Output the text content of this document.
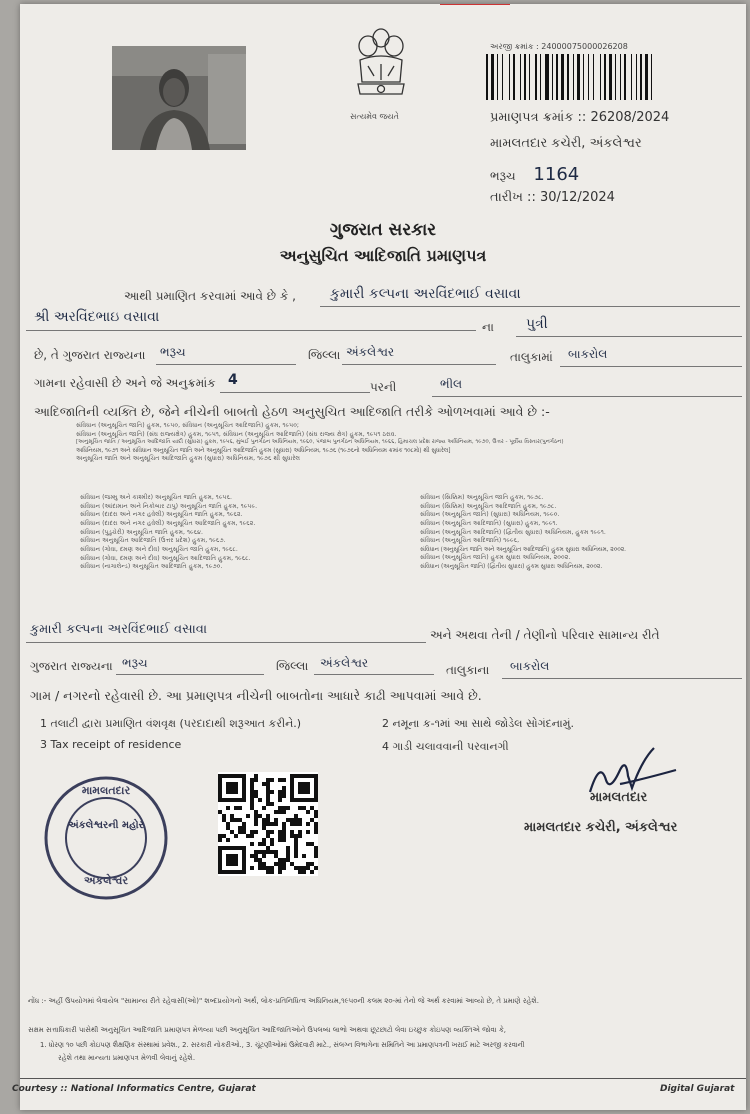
સત્યમેવ જયતે
અરજી ક્રમાંક : 24000075000026208
પ્રમાણપત્ર ક્રમાંક :: 26208/2024
મામલતદાર કચેરી, અંકલેશ્વર
ભરૂચ 1164
તારીખ :: 30/12/2024
ગુજરાત સરકાર
અનુસુચિત આદિજાતિ પ્રમાણપત્ર
આથી પ્રમાણિત કરવામાં આવે છે કે , કુમારી કલ્પના અરવિંદભાઈ વસાવા
શ્રી અરવિંદભાઇ વસાવા
ના પુત્રી
છે, તે ગુજરાત રાજ્યના ભરૂચ	જિલ્લા અંકલેશ્વર	તાલુકામાં બાકરોલ
ગામના રહેવાસી છે અને જે અનુક્રમાંક 4	પરની	ભીલ
આદિજાતિની વ્યક્તિ છે, જેને નીચેની બાબતો હેઠળ અનુસુચિત આદિજાતિ તરીકે ઓળખવામાં આવે છે :-
સંવિધાન (અનુસૂચિત જાતિ) હુકમ, ૧૯૫૦, સંવિધાન (અનુસૂચિત આદિજાતિ) હુકમ, ૧૯૫૦;
સંવિધાન (અનુસૂચિત જાતિ) (સંઘ રાજ્યક્ષેત્ર) હુકમ, ૧૯૫૧, સંવિધાન (અનુસૂચિત આદિજાતિ) (સંઘ રાજ્ય ક્ષેત્ર) હુકમ, ૧૯૫૧ ઠરાવ.
[અનુસૂચિત જાતિ / અનુસૂચિત આદિજાતિ યાદી (સુધારા) હુકમ, ૧૯૫૬, મુંબઈ પુનર્ગઠન અધિનિયમ, ૧૯૬૦, પંજાબ પુનર્ગઠન અધિનિયમ, ૧૯૬૬, હિમાચલ પ્રદેશ રાજ્ય અધિનિયમ, ૧૯૭૦, ઉત્તર - પૂર્વીય વિસ્તાર(પુનર્ગઠન)
અધિનિયમ, ૧૯૭૧ અને સંવિધાન અનુસૂચિત જાતિ અને અનુસૂચિત આદિજાતિ હુકમ (સુધારા) અધિનિયમ, ૧૯૭૬ (૧૯૭૬નો અધિનિયમ ક્રમાંક ૧૦૮મો) થી સુધારેલ]
અનુસૂચિત જાતિ અને અનુસૂચિત આદિજાતિ હુકમ (સુધારા) અધિનિયમ, ૧૯૭૬ થી સુધારેલ
સંવિધાન (જમ્મુ અને કાશ્મીર) અનુસૂચિત જાતિ હુકમ, ૧૯૫૬.
સંવિધાન (આંદામાન અને નિકોબાર ટાપુ) અનુસૂચિત જાતિ હુકમ, ૧૯૫૯.
સંવિધાન (દાદરા અને નગર હવેલી) અનુસૂચિત જાતિ હુકમ, ૧૯૬૨.
સંવિધાન (દાદરા અને નગર હવેલી) અનુસૂચિત આદિજાતિ હુકમ, ૧૯૬૨.
સંવિધાન (પુડુચેરી) અનુસૂચિત જાતિ હુકમ, ૧૯૬૪.
સંવિધાન અનુસૂચિત આદિજાતિ (ઉત્તર પ્રદેશ) હુકમ, ૧૯૬૭.
સંવિધાન (ગોવા, દમણ અને દીવ) અનુસૂચિત જાતિ હુકમ, ૧૯૬૮.
સંવિધાન (ગોવા, દમણ અને દીવ) અનુસૂચિત આદિજાતિ હુકમ, ૧૯૬૮.
સંવિધાન (નાગાલેન્ડ) અનુસૂચિત આદિજાતિ હુકમ, ૧૯૭૦.
સંવિધાન (સિક્કિમ) અનુસૂચિત જાતિ હુકમ, ૧૯૭૮.
સંવિધાન (સિક્કિમ) અનુસૂચિત આદિજાતિ હુકમ, ૧૯૭૮.
સંવિધાન (અનુસૂચિત જાતિ) (સુધારા) અધિનિયમ, ૧૯૯૦.
સંવિધાન (અનુસૂચિત આદિજાતિ) (સુધારા) હુકમ, ૧૯૯૧.
સંવિધાન (અનુસૂચિત આદિજાતિ) (દ્વિતીય સુધારા) અધિનિયમ, હુકમ ૧૯૯૧.
સંવિધાન (અનુસૂચિત આદિજાતિ) ૧૯૯૬,
સંવિધાન (અનુસૂચિત જાતિ અને અનુસૂચિત આદિજાતિ) હુકમ સુધારા અધિનિયમ, ૨૦૦૨.
સંવિધાન (અનુસૂચિત જાતિ) હુકમ સુધારા અધિનિયમ, ૨૦૦૨.
સંવિધાન (અનુસૂચિત જાતિ) (દ્વિતીય સુધારા) હુકમ સુધારા અધિનિયમ, ૨૦૦૨.
કુમારી કલ્પના અરવિંદભાઈ વસાવા	અને અથવા તેની / તેણીનો પરિવાર સામાન્ય રીતે
ગુજરાત રાજ્યના ભરૂચ	જિલ્લા અંકલેશ્વર	તાલુકાના બાકરોલ
ગામ / નગરનો રહેવાસી છે. આ પ્રમાણપત્ર નીચેની બાબતોના આધારે કાઢી આપવામાં આવે છે.
1 તલાટી દ્વારા પ્રમાણિત વંશવૃક્ષ (પરદાદાથી શરૂઆત કરીને.)	2 નમૂના ક-૧માં આ સાથે જોડેલ સોગંદનામું.
3 Tax receipt of residence	4 ગાડી ચલાવવાની પરવાનગી
મામલતદાર
અંકલેશ્વરની મહોર
અંકલેશ્વર
મામલતદાર
મામલતદાર કચેરી, અંકલેશ્વર
નોંધ :- અહીં ઉપયોગમાં લેવાયેલ "સામાન્ય રીતે રહેવાસી(ઓ)" શબ્દપ્રયોગનો અર્થ, લોક-પ્રતિનિધિત્વ અધિનિયમ,૧૯૫૦ની કલમ ૨૦-માં તેનો જે અર્થ કરવામાં આવ્યો છે, તે પ્રમાણે રહેશે.
સક્ષમ સત્તાધિકારી પાસેથી અનુસૂચિત આદિજાતિ પ્રમાણપત્ર મેળવ્યા પછી અનુસૂચિત આદિજાતિઓને ઉપલબ્ધ લાભો અથવા છૂટછાટો લેવા ઇચ્છુક કોઇપણ વ્યક્તિએ જોવા કે,
1. ધોરણ ૧૦ પછી કોઇપણ શૈક્ષણિક સંસ્થામાં પ્રવેશ., 2. સરકારી નોકરીઓ., 3. ચૂંટણીઓમાં ઉમેદવારી માટે., સંલગ્ન વિભાગેના સમિતિને આ પ્રમાણપત્રની ખરાઈ માટે અરજી કરવાની
રહેશે તથા માન્યતા પ્રમાણપત્ર મેળવી લેવાનું રહેશે.
Courtesy :: National Informatics Centre, Gujarat	Digital Gujarat
